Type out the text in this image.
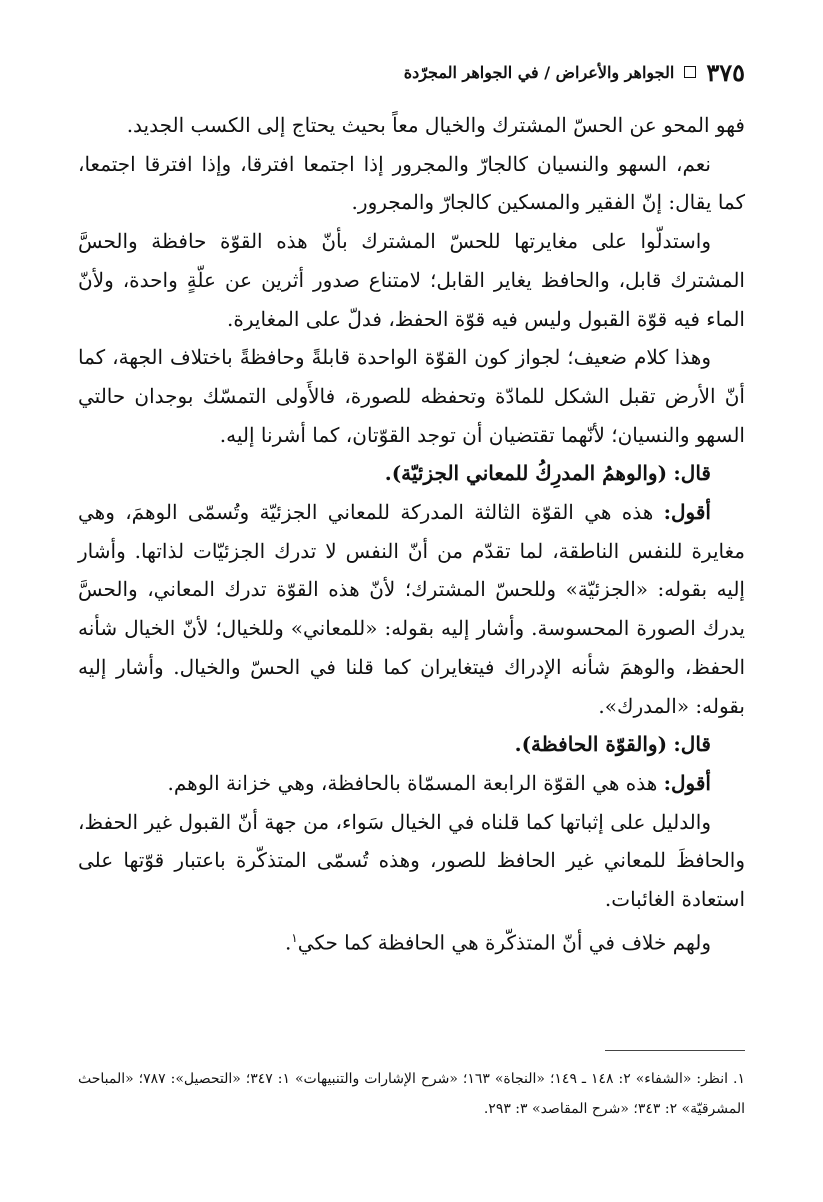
٣٧٥
الجواهر والأعراض / في الجواهر المجرّدة

فهو المحو عن الحسّ المشترك والخيال معاً بحيث يحتاج إلى الكسب الجديد.

نعم، السهو والنسيان كالجارّ والمجرور إذا اجتمعا افترقا، وإذا افترقا اجتمعا، كما يقال: إنّ الفقير والمسكين كالجارّ والمجرور.

واستدلّوا على مغايرتها للحسّ المشترك بأنّ هذه القوّة حافظة والحسَّ المشترك قابل، والحافظ يغاير القابل؛ لامتناع صدور أثرين عن علّةٍ واحدة، ولأنّ الماء فيه قوّة القبول وليس فيه قوّة الحفظ، فدلّ على المغايرة.

وهذا كلام ضعيف؛ لجواز كون القوّة الواحدة قابلةً وحافظةً باختلاف الجهة، كما أنّ الأرض تقبل الشكل للمادّة وتحفظه للصورة، فالأَولى التمسّك بوجدان حالتي السهو والنسيان؛ لأنّهما تقتضيان أن توجد القوّتان، كما أشرنا إليه.

قال: (والوهمُ المدرِكُ للمعاني الجزئيّة).

أقول: هذه هي القوّة الثالثة المدركة للمعاني الجزئيّة وتُسمّى الوهمَ، وهي مغايرة للنفس الناطقة، لما تقدّم من أنّ النفس لا تدرك الجزئيّات لذاتها. وأشار إليه بقوله: «الجزئيّة» وللحسّ المشترك؛ لأنّ هذه القوّة تدرك المعاني، والحسَّ يدرك الصورة المحسوسة. وأشار إليه بقوله: «للمعاني» وللخيال؛ لأنّ الخيال شأنه الحفظ، والوهمَ شأنه الإدراك فيتغايران كما قلنا في الحسّ والخيال. وأشار إليه بقوله: «المدرك».

قال: (والقوّة الحافظة).

أقول: هذه هي القوّة الرابعة المسمّاة بالحافظة، وهي خزانة الوهم.

والدليل على إثباتها كما قلناه في الخيال سَواء، من جهة أنّ القبول غير الحفظ، والحافظَ للمعاني غير الحافظ للصور، وهذه تُسمّى المتذكّرة باعتبار قوّتها على استعادة الغائبات.

ولهم خلاف في أنّ المتذكّرة هي الحافظة كما حكي$^١$.

١. انظر: «الشفاء» ٢: ١٤٨ ـ ١٤٩؛ «النجاة» ١٦٣؛ «شرح الإشارات والتنبيهات» ١: ٣٤٧؛ «التحصيل»: ٧٨٧؛ «المباحث المشرقيّة» ٢: ٣٤٣؛ «شرح المقاصد» ٣: ٢٩٣.
